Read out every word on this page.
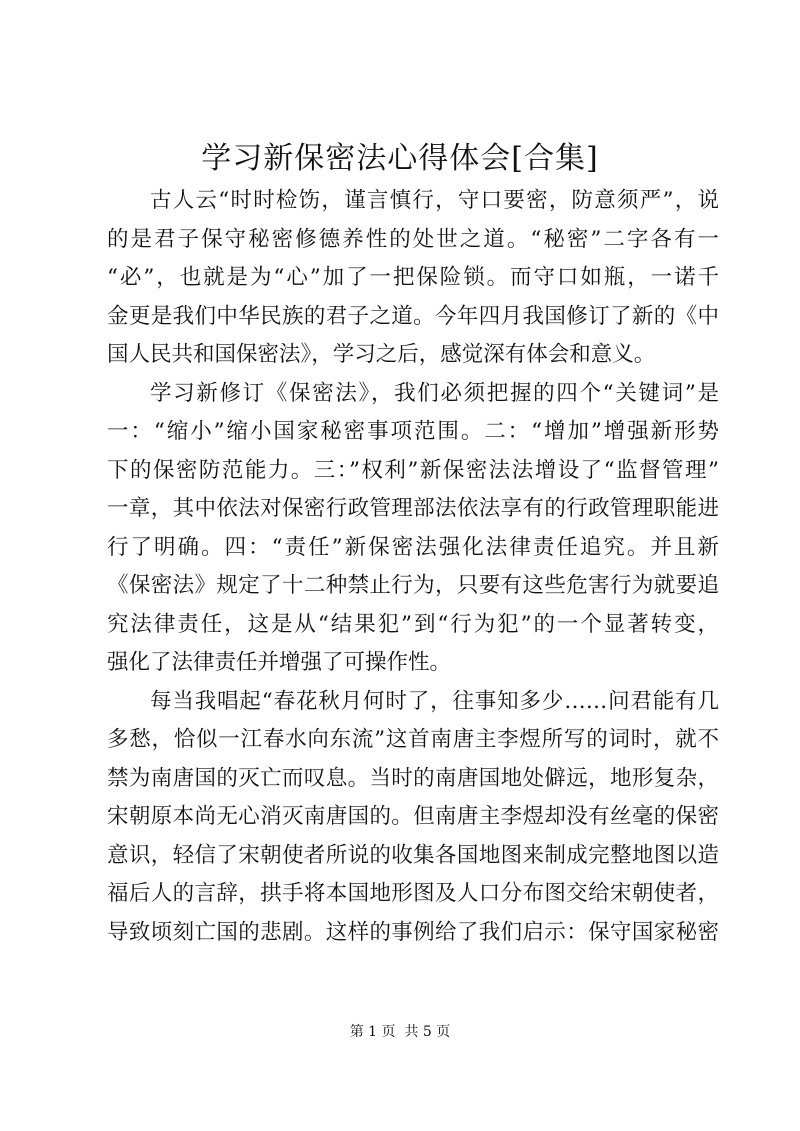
学习新保密法心得体会[合集]
古人云“时时检饬，谨言慎行，守口要密，防意须严”，说
的是君子保守秘密修德养性的处世之道。“秘密”二字各有一
“必”，也就是为“心”加了一把保险锁。而守口如瓶，一诺千
金更是我们中华民族的君子之道。今年四月我国修订了新的《中
国人民共和国保密法》，学习之后，感觉深有体会和意义。
学习新修订《保密法》，我们必须把握的四个“关键词”是
一：“缩小”缩小国家秘密事项范围。二：“增加”增强新形势
下的保密防范能力。三：”权利”新保密法法增设了“监督管理”
一章，其中依法对保密行政管理部法依法享有的行政管理职能进
行了明确。四：“责任”新保密法强化法律责任追究。并且新
《保密法》规定了十二种禁止行为，只要有这些危害行为就要追
究法律责任，这是从“结果犯”到“行为犯”的一个显著转变，
强化了法律责任并增强了可操作性。
每当我唱起“春花秋月何时了，往事知多少……问君能有几
多愁，恰似一江春水向东流”这首南唐主李煜所写的词时，就不
禁为南唐国的灭亡而叹息。当时的南唐国地处僻远，地形复杂，
宋朝原本尚无心消灭南唐国的。但南唐主李煜却没有丝毫的保密
意识，轻信了宋朝使者所说的收集各国地图来制成完整地图以造
福后人的言辞，拱手将本国地形图及人口分布图交给宋朝使者，
导致顷刻亡国的悲剧。这样的事例给了我们启示：保守国家秘密
第 1 页  共 5 页
